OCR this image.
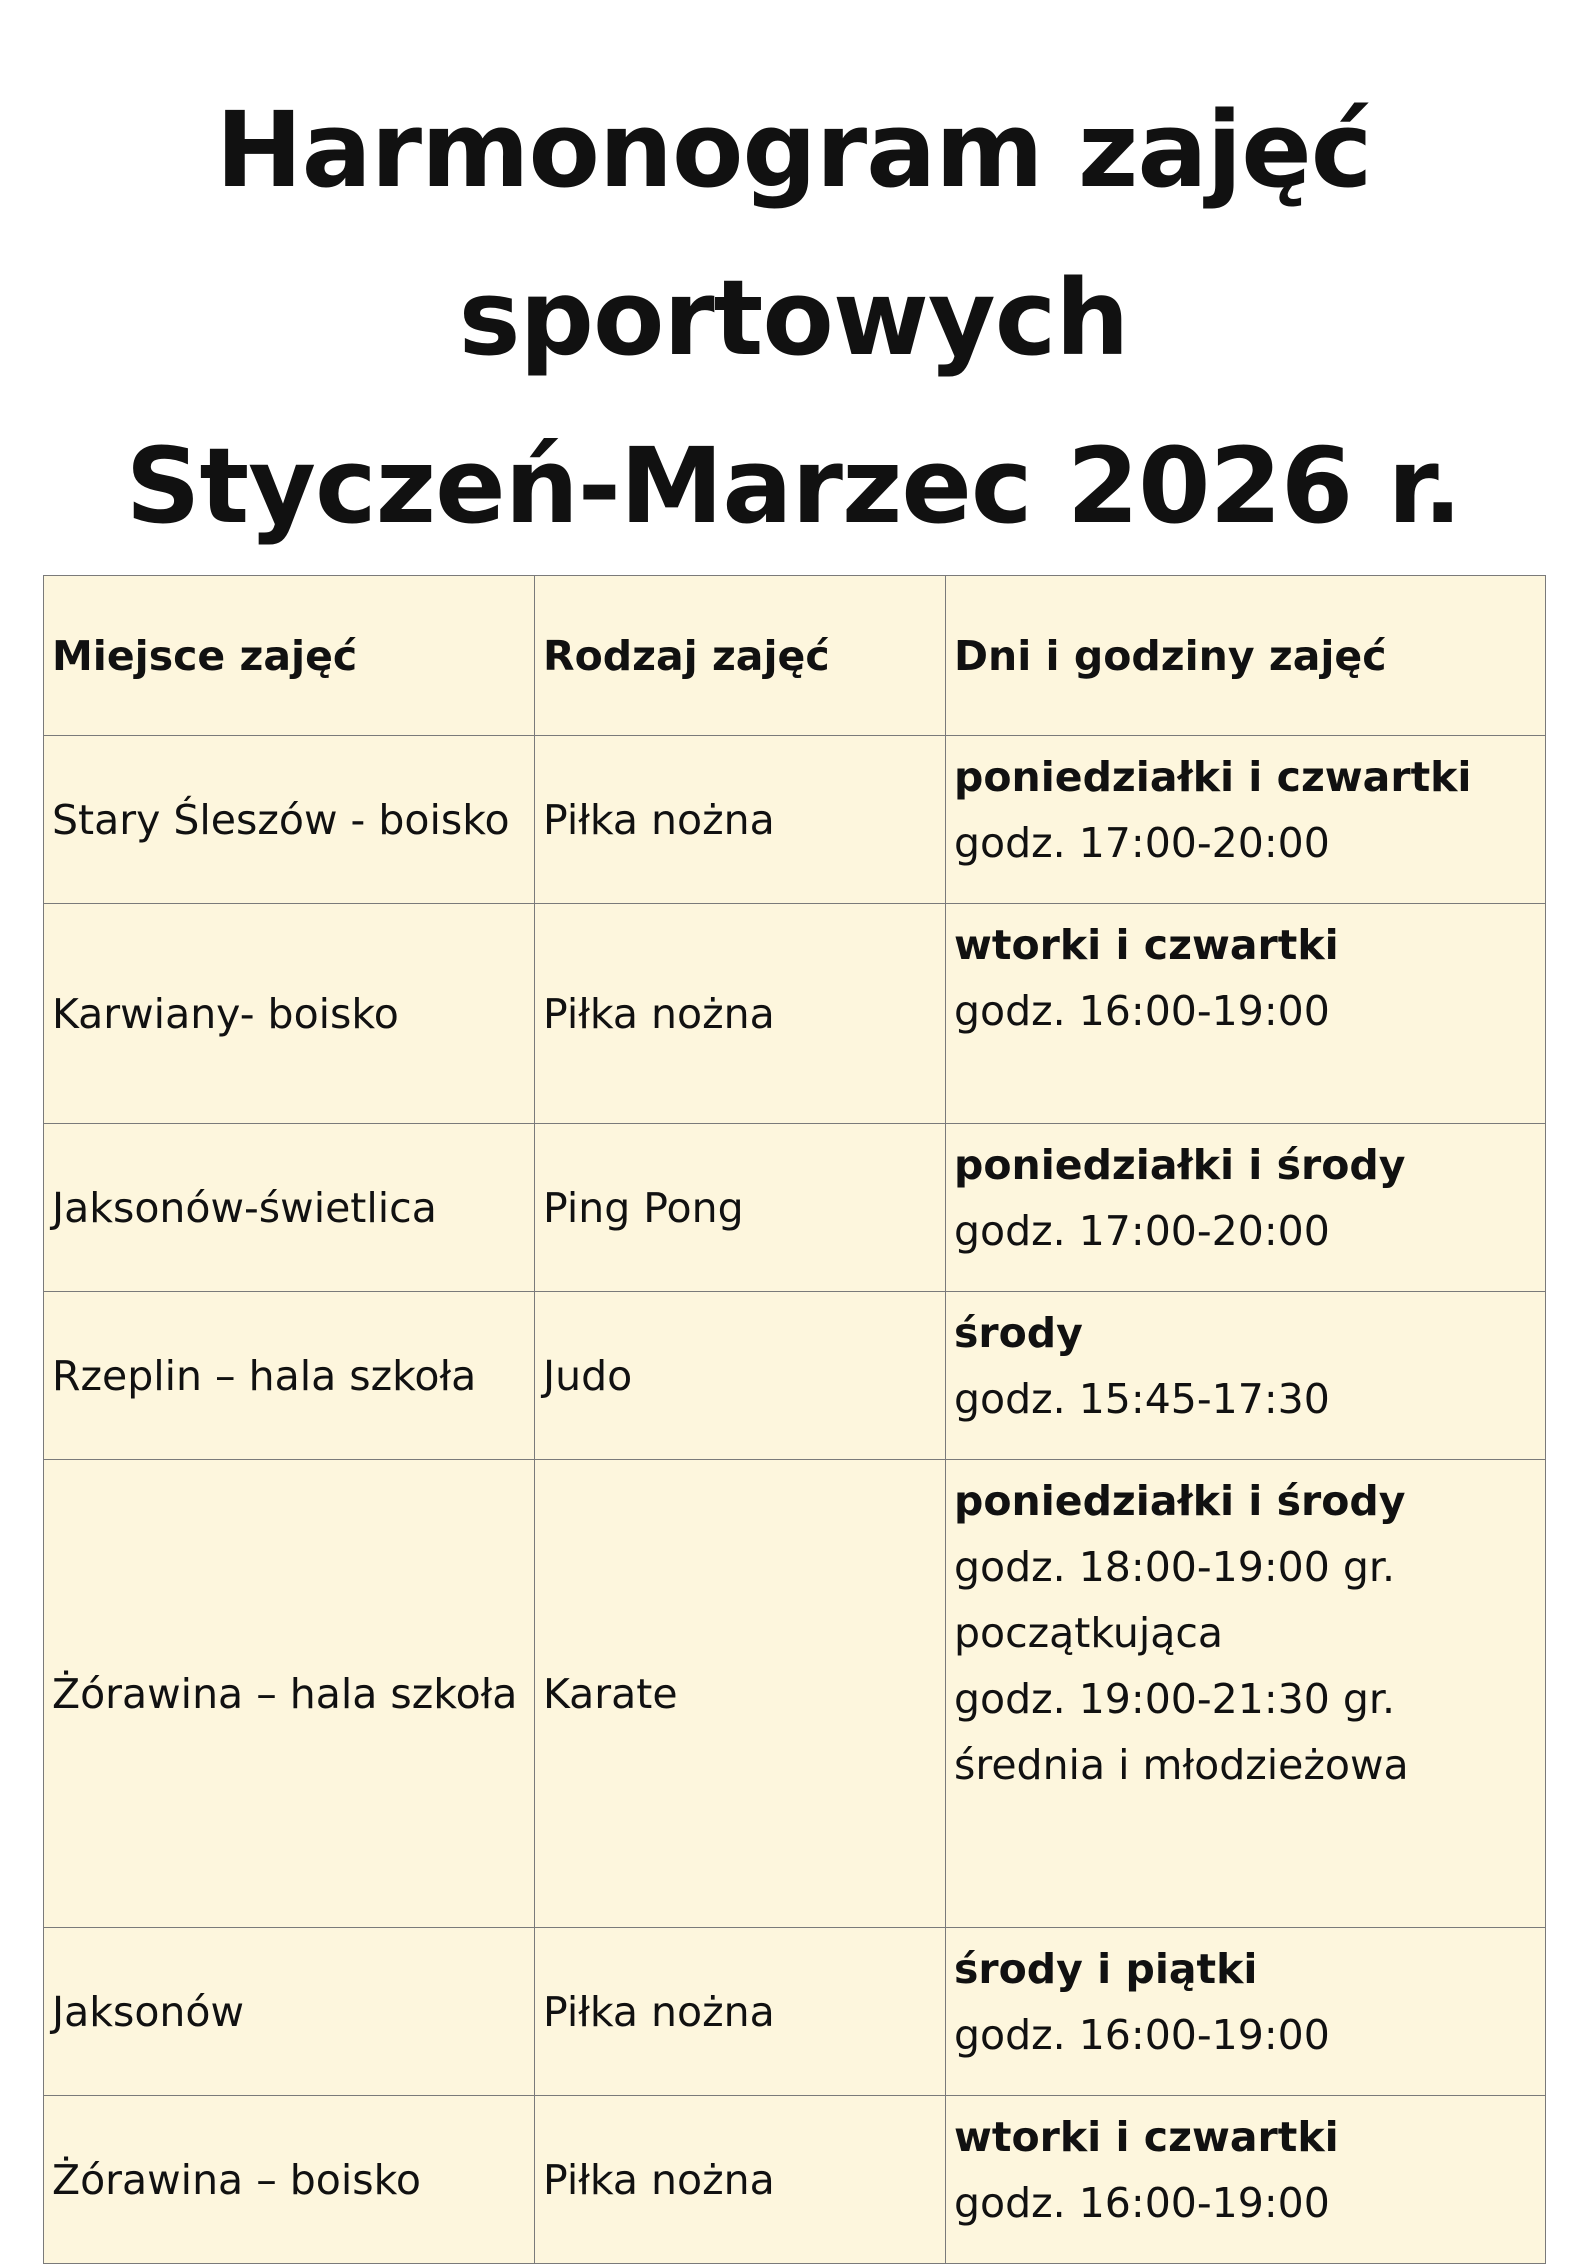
Harmonogram zajęć
sportowych
Styczeń-Marzec 2026 r.
Miejsce zajęć	Rodzaj zajęć	Dni i godziny zajęć
Stary Śleszów - boisko	Piłka nożna	poniedziałki i czwartki
godz. 17:00-20:00

Karwiany- boisko	Piłka nożna	wtorki i czwartki
godz. 16:00-19:00

Jaksonów-świetlica	Ping Pong	poniedziałki i środy
godz. 17:00-20:00

Rzeplin – hala szkoła	Judo	środy
godz. 15:45-17:30

Żórawina – hala szkoła	Karate	poniedziałki i środy
godz. 18:00-19:00 gr. początkująca
godz. 19:00-21:30 gr. średnia i młodzieżowa

Jaksonów	Piłka nożna	środy i piątki
godz. 16:00-19:00

Żórawina – boisko	Piłka nożna	wtorki i czwartki
godz. 16:00-19:00
